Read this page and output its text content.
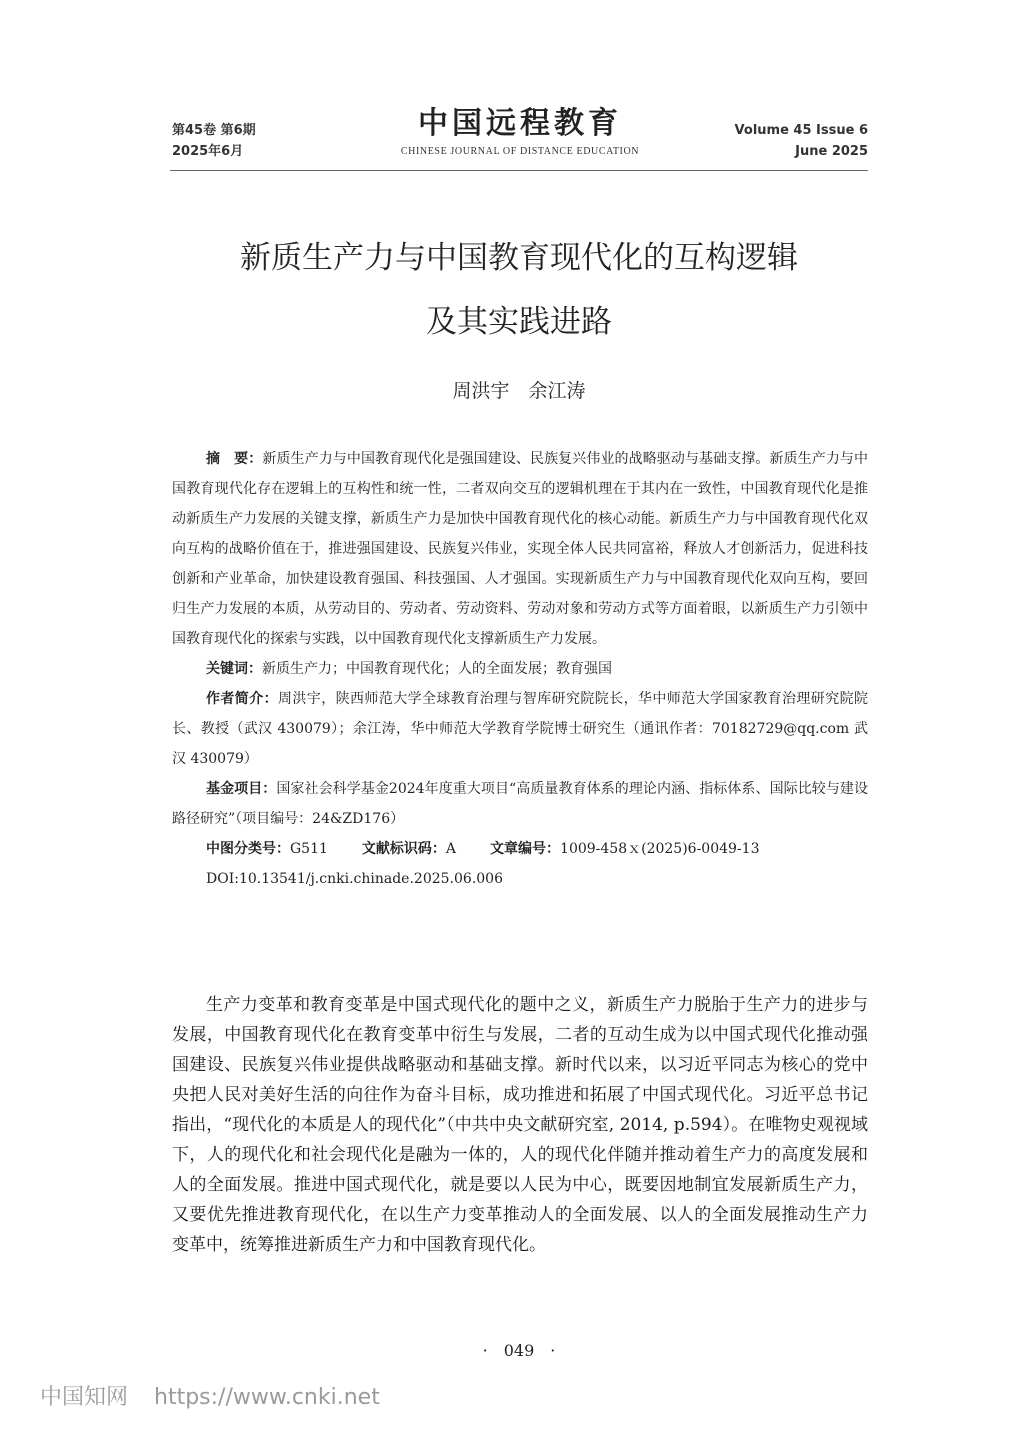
第45卷 第6期
2025年6月
中国远程教育
CHINESE JOURNAL OF DISTANCE EDUCATION
Volume 45 Issue 6
June 2025
新质生产力与中国教育现代化的互构逻辑
及其实践进路
周洪宇　余江涛

摘　要：新质生产力与中国教育现代化是强国建设、民族复兴伟业的战略驱动与基础支撑。新质生产力与中国教育现代化存在逻辑上的互构性和统一性，二者双向交互的逻辑机理在于其内在一致性，中国教育现代化是推动新质生产力发展的关键支撑，新质生产力是加快中国教育现代化的核心动能。新质生产力与中国教育现代化双向互构的战略价值在于，推进强国建设、民族复兴伟业，实现全体人民共同富裕，释放人才创新活力，促进科技创新和产业革命，加快建设教育强国、科技强国、人才强国。实现新质生产力与中国教育现代化双向互构，要回归生产力发展的本质，从劳动目的、劳动者、劳动资料、劳动对象和劳动方式等方面着眼，以新质生产力引领中国教育现代化的探索与实践，以中国教育现代化支撑新质生产力发展。

关键词：新质生产力；中国教育现代化；人的全面发展；教育强国

作者简介：周洪宇，陕西师范大学全球教育治理与智库研究院院长，华中师范大学国家教育治理研究院院长、教授（武汉 430079）；余江涛，华中师范大学教育学院博士研究生（通讯作者：70182729@qq.com 武汉 430079）

基金项目：国家社会科学基金2024年度重大项目“高质量教育体系的理论内涵、指标体系、国际比较与建设路径研究”（项目编号：24&ZD176）

中图分类号：G511 文献标识码：A 文章编号：1009-458ｘ(2025)6-0049-13

DOI:10.13541/j.cnki.chinade.2025.06.006

生产力变革和教育变革是中国式现代化的题中之义，新质生产力脱胎于生产力的进步与发展，中国教育现代化在教育变革中衍生与发展，二者的互动生成为以中国式现代化推动强国建设、民族复兴伟业提供战略驱动和基础支撑。新时代以来，以习近平同志为核心的党中央把人民对美好生活的向往作为奋斗目标，成功推进和拓展了中国式现代化。习近平总书记指出，“现代化的本质是人的现代化”（中共中央文献研究室, 2014, p.594）。在唯物史观视域下，人的现代化和社会现代化是融为一体的，人的现代化伴随并推动着生产力的高度发展和人的全面发展。推进中国式现代化，就是要以人民为中心，既要因地制宜发展新质生产力，又要优先推进教育现代化，在以生产力变革推动人的全面发展、以人的全面发展推动生产力变革中，统筹推进新质生产力和中国教育现代化。

·　049　·
中国知网 https://www.cnki.net
